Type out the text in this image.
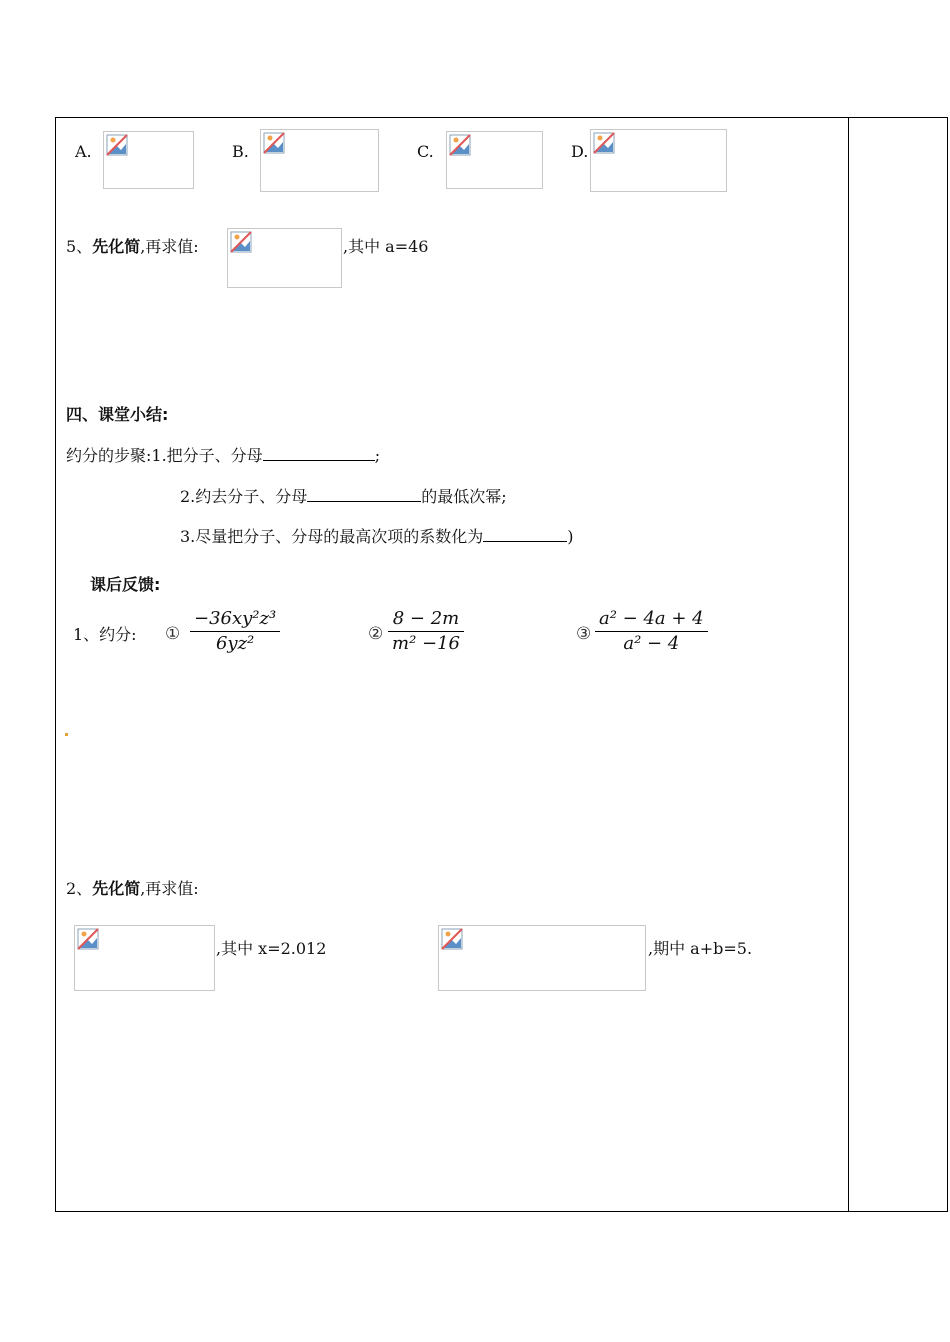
A.	B.	C.	D.
5、先化简,再求值:	,其中 a=46
四、课堂小结:
约分的步聚:1.把分子、分母	;
2.约去分子、分母	的最低次幂;
3.尽量把分子、分母的最高次项的系数化为	)
课后反馈:
1、约分: ①
−36xy²z³
6yz²	②
8 − 2m
m² −16	③
a² − 4a + 4
a² − 4
2、先化简,再求值:
,其中 x=2.012	,期中 a+b=5.
